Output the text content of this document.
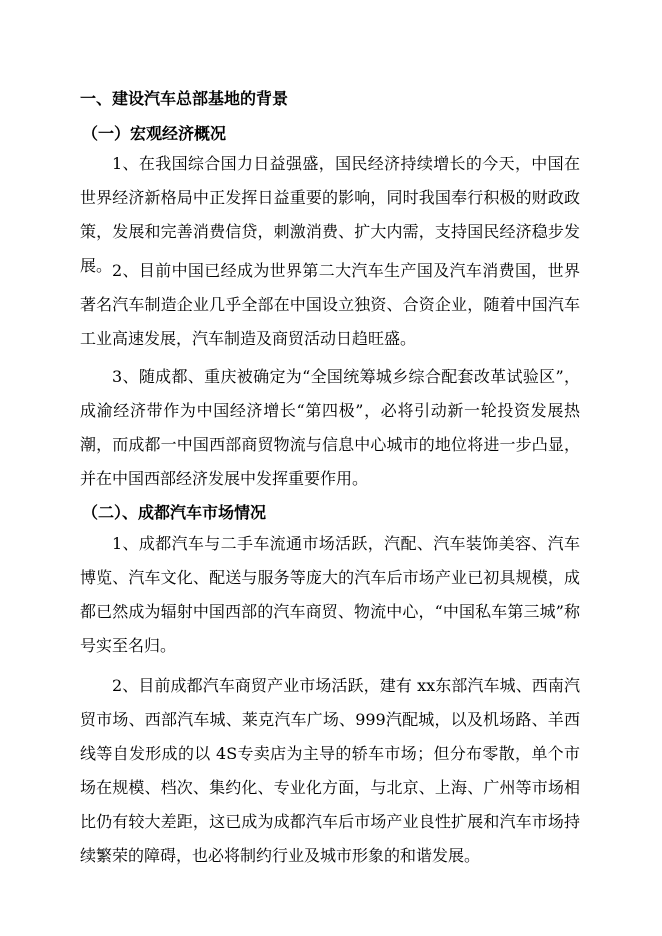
一、建设汽车总部基地的背景
（一）宏观经济概况

1、在我国综合国力日益强盛，国民经济持续增长的今天，中国在世界经济新格局中正发挥日益重要的影响，同时我国奉行积极的财政政策，发展和完善消费信贷，刺激消费、扩大内需，支持国民经济稳步发展。 2、目前中国已经成为世界第二大汽车生产国及汽车消费国，世界著名汽车制造企业几乎全部在中国设立独资、合资企业，随着中国汽车工业高速发展，汽车制造及商贸活动日趋旺盛。

3、随成都、重庆被确定为“全国统筹城乡综合配套改革试验区”，成渝经济带作为中国经济增长“第四极”，必将引动新一轮投资发展热潮，而成都一中国西部商贸物流与信息中心城市的地位将进一步凸显，并在中国西部经济发展中发挥重要作用。

（二）、成都汽车市场情况

1、成都汽车与二手车流通市场活跃，汽配、汽车装饰美容、汽车博览、汽车文化、配送与服务等庞大的汽车后市场产业已初具规模，成都已然成为辐射中国西部的汽车商贸、物流中心，“中国私车第三城”称号实至名归。

2、目前成都汽车商贸产业市场活跃，建有 xx东部汽车城、西南汽贸市场、西部汽车城、莱克汽车广场、999汽配城，以及机场路、羊西线等自发形成的以 4S专卖店为主导的轿车市场；但分布零散，单个市场在规模、档次、集约化、专业化方面，与北京、上海、广州等市场相比仍有较大差距，这已成为成都汽车后市场产业良性扩展和汽车市场持续繁荣的障碍，也必将制约行业及城市形象的和谐发展。
